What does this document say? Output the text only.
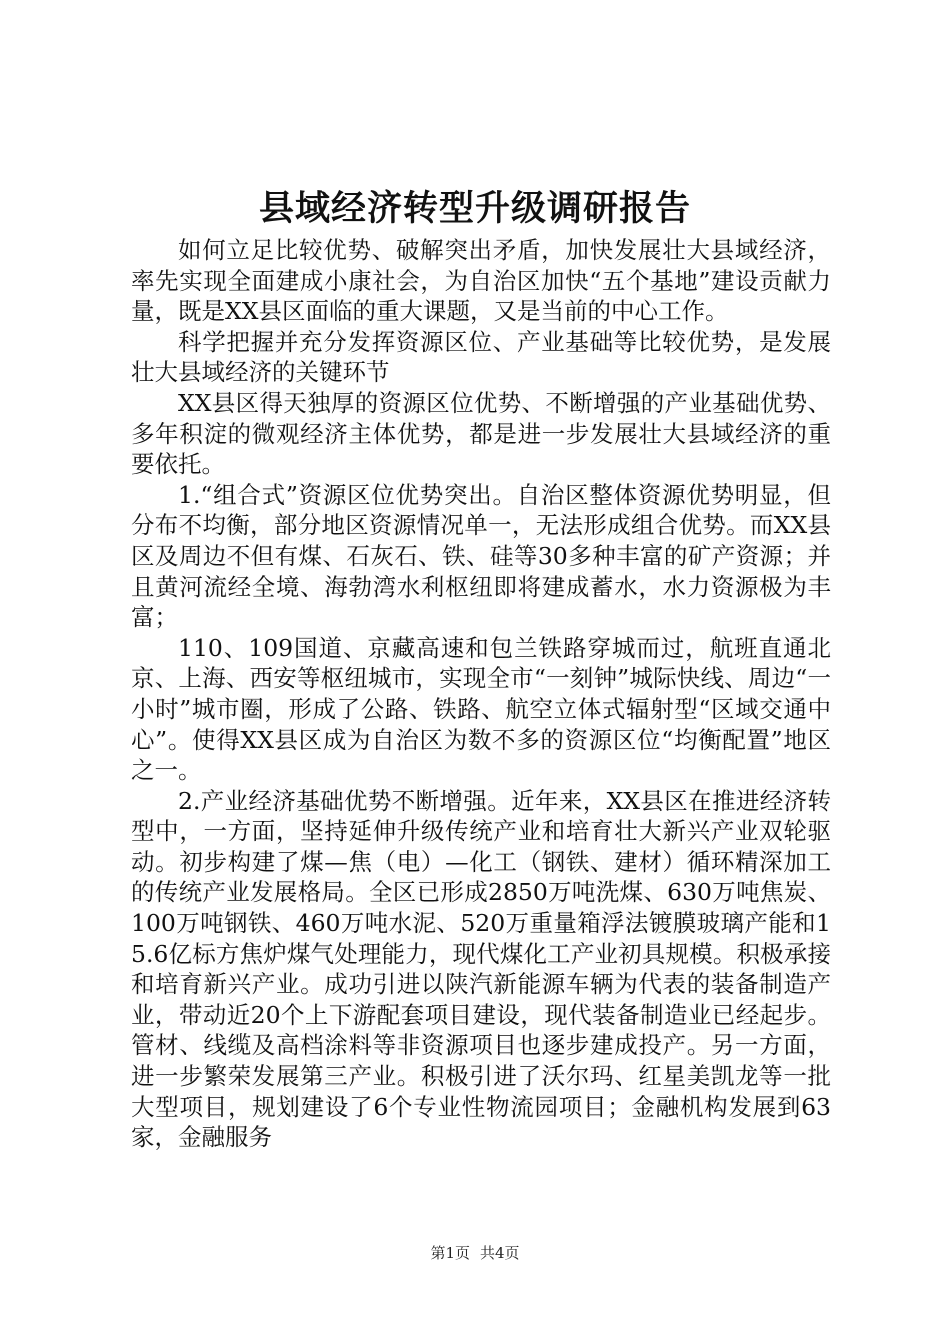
县域经济转型升级调研报告

如何立足比较优势、破解突出矛盾，加快发展壮大县域经济，率先实现全面建成小康社会，为自治区加快“五个基地”建设贡献力量，既是XX县区面临的重大课题，又是当前的中心工作。

科学把握并充分发挥资源区位、产业基础等比较优势，是发展壮大县域经济的关键环节

XX县区得天独厚的资源区位优势、不断增强的产业基础优势、多年积淀的微观经济主体优势，都是进一步发展壮大县域经济的重要依托。

1.“组合式”资源区位优势突出。自治区整体资源优势明显，但分布不均衡，部分地区资源情况单一，无法形成组合优势。而XX县区及周边不但有煤、石灰石、铁、硅等30多种丰富的矿产资源；并且黄河流经全境、海勃湾水利枢纽即将建成蓄水，水力资源极为丰富；

110、109国道、京藏高速和包兰铁路穿城而过，航班直通北京、上海、西安等枢纽城市，实现全市“一刻钟”城际快线、周边“一小时”城市圈，形成了公路、铁路、航空立体式辐射型“区域交通中心”。使得XX县区成为自治区为数不多的资源区位“均衡配置”地区之一。

2.产业经济基础优势不断增强。近年来，XX县区在推进经济转型中，一方面，坚持延伸升级传统产业和培育壮大新兴产业双轮驱动。初步构建了煤—焦（电）—化工（钢铁、建材）循环精深加工的传统产业发展格局。全区已形成2850万吨洗煤、630万吨焦炭、100万吨钢铁、460万吨水泥、520万重量箱浮法镀膜玻璃产能和15.6亿标方焦炉煤气处理能力，现代煤化工产业初具规模。积极承接和培育新兴产业。成功引进以陕汽新能源车辆为代表的装备制造产业，带动近20个上下游配套项目建设，现代装备制造业已经起步。管材、线缆及高档涂料等非资源项目也逐步建成投产。另一方面，进一步繁荣发展第三产业。积极引进了沃尔玛、红星美凯龙等一批大型项目，规划建设了6个专业性物流园项目；金融机构发展到63家，金融服务

第1页 共4页
